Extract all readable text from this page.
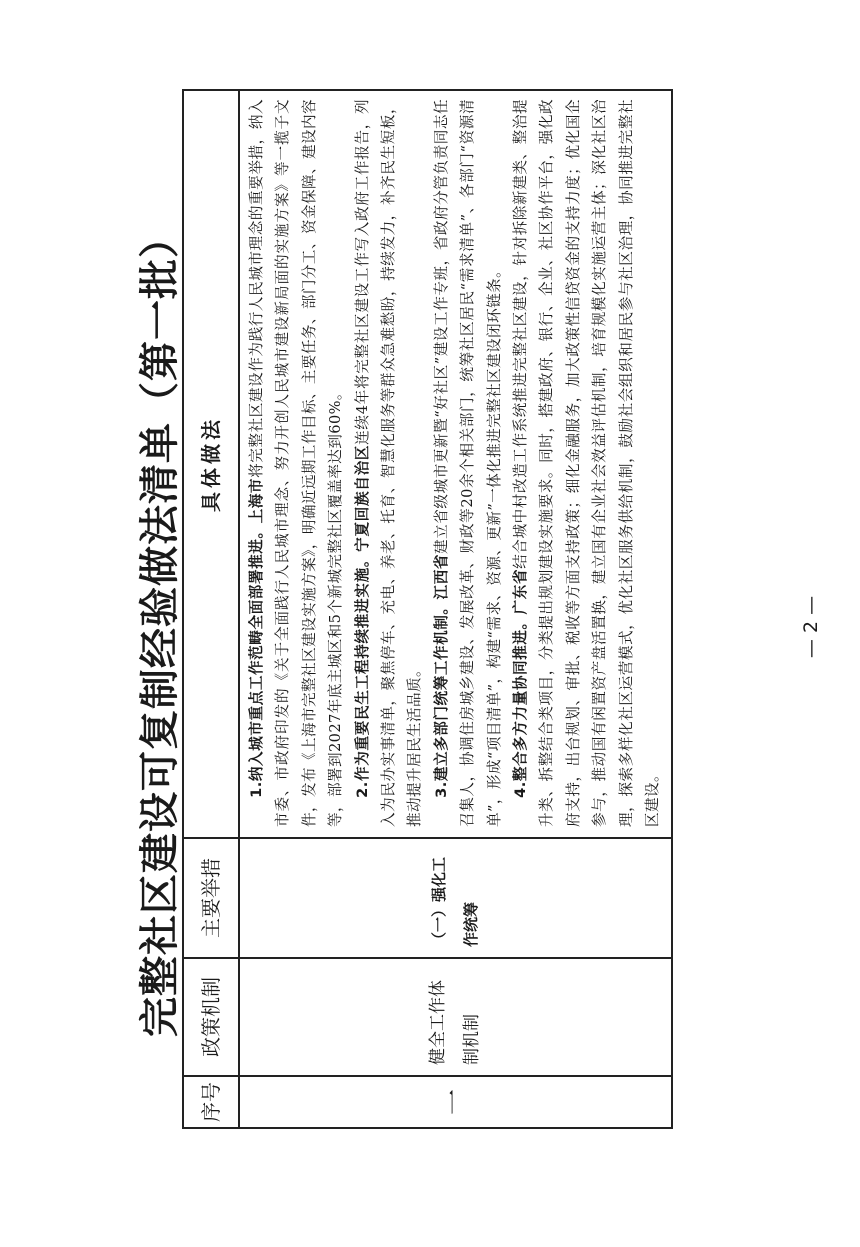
完整社区建设可复制经验做法清单（第一批）
序号	政策机制	主要举措	具体做法
一	健全工作体制机制	（一）强化工作统筹	1.纳入城市重点工作范畴全面部署推进。上海市将完整社区建设作为践行人民城市理念的重要举措，纳入市委、市政府印发的《关于全面践行人民城市理念、努力开创人民城市建设新局面的实施方案》等一揽子文件，发布《上海市完整社区建设实施方案》，明确近远期工作目标、主要任务、部门分工、资金保障、建设内容等，部署到2027年底主城区和5个新城完整社区覆盖率达到60%。 2.作为重要民生工程持续推进实施。宁夏回族自治区连续4年将完整社区建设工作写入政府工作报告，列入为民办实事清单，聚焦停车、充电、养老、托育、智慧化服务等群众急难愁盼，持续发力，补齐民生短板，推动提升居民生活品质。 3.建立多部门统筹工作机制。江西省建立省级城市更新暨“好社区”建设工作专班，省政府分管负责同志任召集人，协调住房城乡建设、发展改革、财政等20余个相关部门，统筹社区居民“需求清单”、各部门“资源清单”，形成“项目清单”，构建“需求、资源、更新”一体化推进完整社区建设闭环链条。 4.整合多方力量协同推进。广东省结合城中村改造工作系统推进完整社区建设，针对拆除新建类、整治提升类、拆整结合类项目，分类提出规划建设实施要求。同时，搭建政府、银行、企业、社区协作平台，强化政府支持，出台规划、审批、税收等方面支持政策；细化金融服务，加大政策性信贷资金的支持力度；优化国企参与，推动国有闲置资产盘活置换，建立国有企业社会效益评估机制，培育规模化实施运营主体；深化社区治理，探索多样化社区运营模式，优化社区服务供给机制，鼓励社会组织和居民参与社区治理，协同推进完整社区建设。

— 2 —
